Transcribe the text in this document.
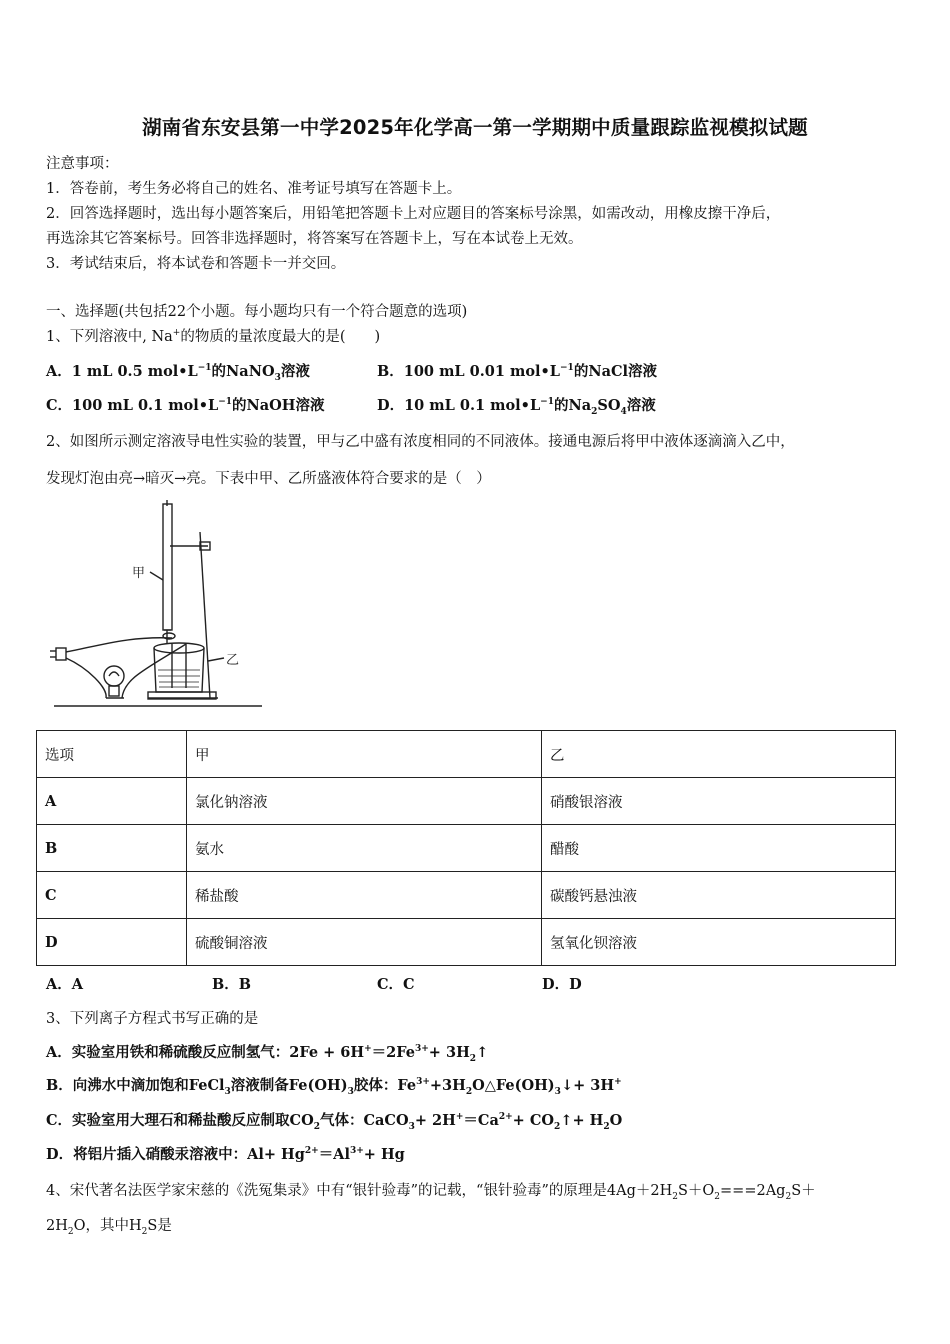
湖南省东安县第一中学2025年化学高一第一学期期中质量跟踪监视模拟试题
注意事项：
1．答卷前，考生务必将自己的姓名、准考证号填写在答题卡上。
2．回答选择题时，选出每小题答案后，用铅笔把答题卡上对应题目的答案标号涂黑，如需改动，用橡皮擦干净后，
再选涂其它答案标号。回答非选择题时，将答案写在答题卡上，写在本试卷上无效。
3．考试结束后，将本试卷和答题卡一并交回。
一、选择题(共包括22个小题。每小题均只有一个符合题意的选项)
1、下列溶液中, Na+的物质的量浓度最大的是(　　)
A．1 mL 0.5 $mol•L^{-1}$的NaNO$_3$溶液	B．100 mL 0.01 $mol•L^{-1}$的NaCl溶液
C．100 mL 0.1 $mol•L^{-1}$的NaOH溶液	D．10 mL 0.1 $mol•L^{-1}$的$Na_2SO_4$溶液
2、如图所示测定溶液导电性实验的装置，甲与乙中盛有浓度相同的不同液体。接通电源后将甲中液体逐滴滴入乙中，
发现灯泡由亮→暗灭→亮。下表中甲、乙所盛液体符合要求的是（　）
甲
乙
选项	甲	乙
A	氯化钠溶液	硝酸银溶液
B	氨水	醋酸
C	稀盐酸	碳酸钙悬浊液
D	硫酸铜溶液	氢氧化钡溶液
A．A	B．B	C．C	D．D
3、下列离子方程式书写正确的是
A．实验室用铁和稀硫酸反应制氢气：$2Fe + 6H^+=2Fe^{3+}+$ $3H_2↑$
B．向沸水中滴加饱和FeCl$_3$溶液制备$Fe(OH)_3$胶体：$Fe^{3+}+3H_2O\triangle Fe(OH)_3↓+ 3H^+$
C．实验室用大理石和稀盐酸反应制取$CO_2$气体：CaCO$_3$+ $2H^+=Ca^{2+}+$ $CO_2↑+ H_2O$
D．将铝片插入硝酸汞溶液中：$Al+ Hg^{2+}=Al^{3+}+ Hg$
4、宋代著名法医学家宋慈的《洗冤集录》中有“银针验毒”的记载，“银针验毒”的原理是$4Ag+2H_2S+O_2===2Ag_2S+$
$2H_2O$，其中$H_2S$是
